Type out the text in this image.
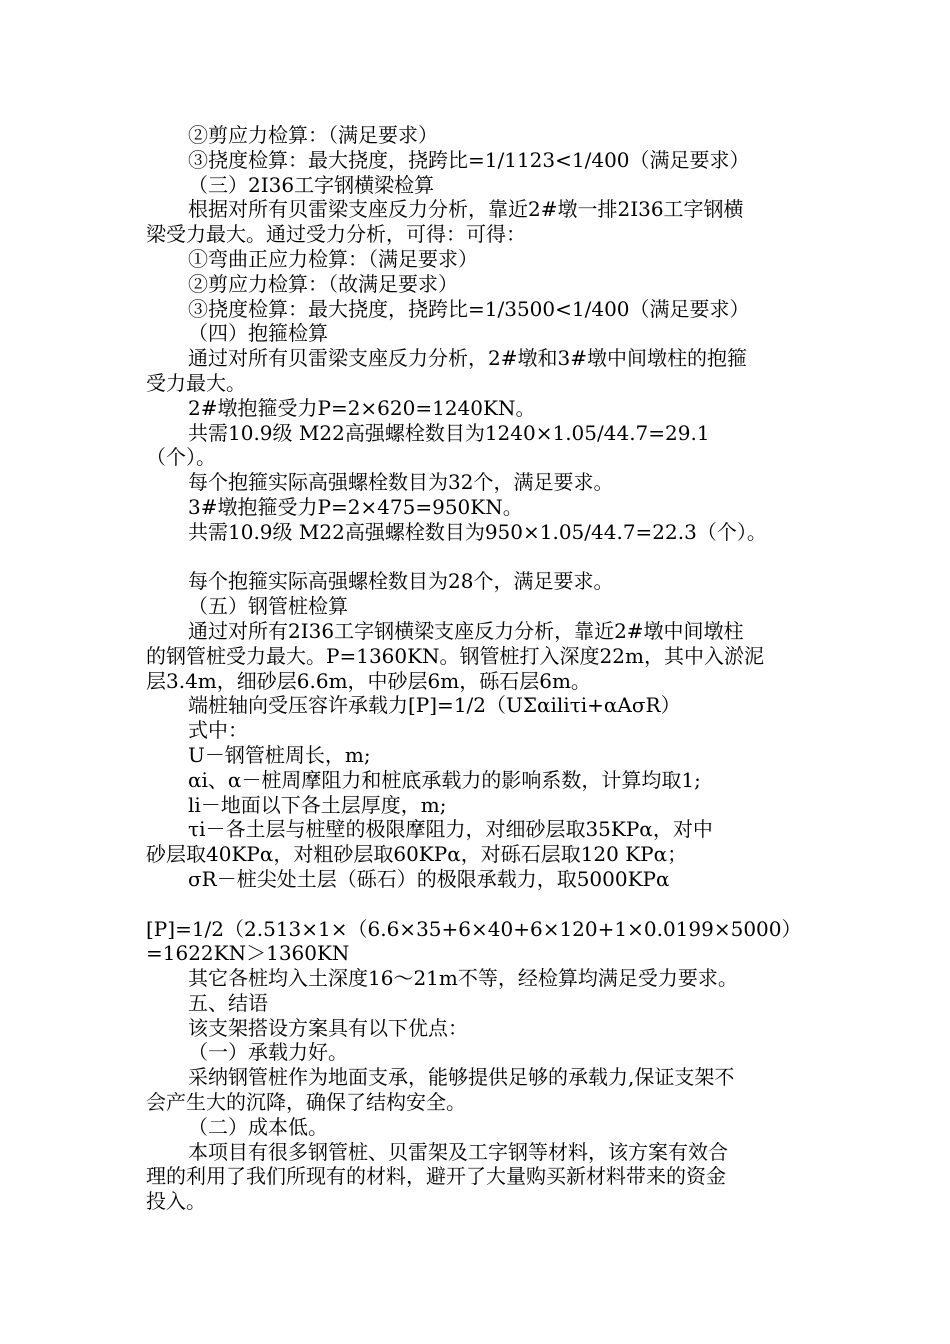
②剪应力检算：（满足要求）
③挠度检算：最大挠度，挠跨比=1/1123<1/400（满足要求）
（三）2I36工字钢横梁检算
根据对所有贝雷梁支座反力分析，靠近2#墩一排2I36工字钢横
梁受力最大。通过受力分析，可得：可得：
①弯曲正应力检算：（满足要求）
②剪应力检算：（故满足要求）
③挠度检算：最大挠度，挠跨比=1/3500<1/400（满足要求）
（四）抱箍检算
通过对所有贝雷梁支座反力分析，2#墩和3#墩中间墩柱的抱箍
受力最大。
2#墩抱箍受力P=2×620=1240KN。
共需10.9级 M22高强螺栓数目为1240×1.05/44.7=29.1
（个）。
每个抱箍实际高强螺栓数目为32个，满足要求。
3#墩抱箍受力P=2×475=950KN。
共需10.9级 M22高强螺栓数目为950×1.05/44.7=22.3（个）。
每个抱箍实际高强螺栓数目为28个，满足要求。
（五）钢管桩检算
通过对所有2I36工字钢横梁支座反力分析，靠近2#墩中间墩柱
的钢管桩受力最大。P=1360KN。钢管桩打入深度22m，其中入淤泥
层3.4m，细砂层6.6m，中砂层6m，砾石层6m。
端桩轴向受压容许承载力[P]=1/2（UΣαiliτi+αAσR）
式中：
U－钢管桩周长，m;
αi、α－桩周摩阻力和桩底承载力的影响系数，计算均取1;
li－地面以下各土层厚度，m;
τi－各土层与桩壁的极限摩阻力，对细砂层取35KPα，对中
砂层取40KPα，对粗砂层取60KPα，对砾石层取120 KPα；
σR－桩尖处土层（砾石）的极限承载力，取5000KPα
[P]=1/2（2.513×1×（6.6×35+6×40+6×120+1×0.0199×5000）
=1622KN＞1360KN
其它各桩均入土深度16～21m不等，经检算均满足受力要求。
五、结语
该支架搭设方案具有以下优点：
（一）承载力好。
采纳钢管桩作为地面支承，能够提供足够的承载力,保证支架不
会产生大的沉降，确保了结构安全。
（二）成本低。
本项目有很多钢管桩、贝雷架及工字钢等材料，该方案有效合
理的利用了我们所现有的材料，避开了大量购买新材料带来的资金
投入。
